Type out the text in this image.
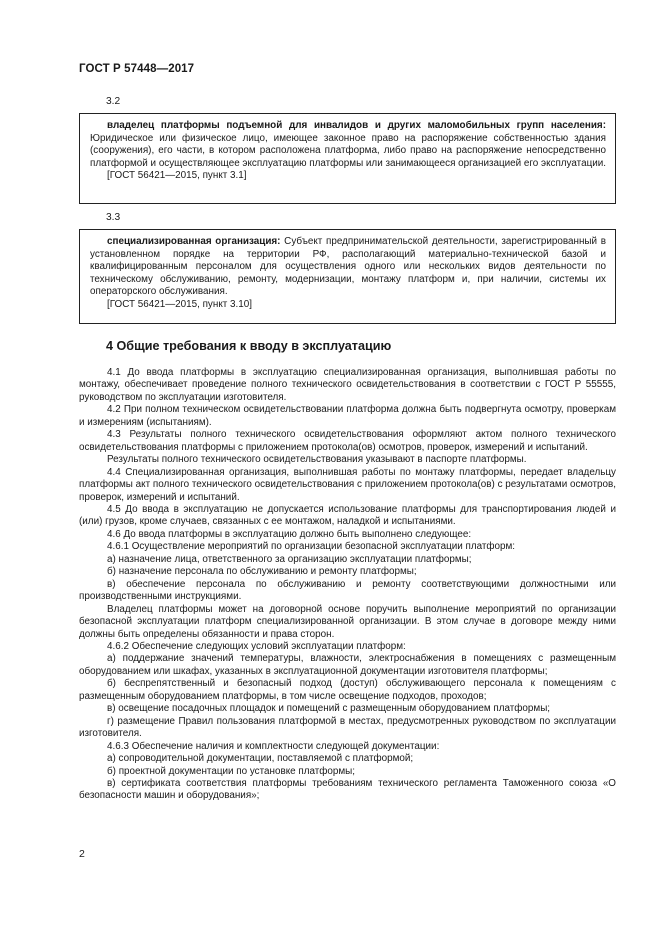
ГОСТ Р 57448—2017
3.2

владелец платформы подъемной для инвалидов и других маломобильных групп населения: Юридическое или физическое лицо, имеющее законное право на распоряжение собственностью здания (сооружения), его части, в котором расположена платформа, либо право на распоряжение непосредственно платформой и осуществляющее эксплуатацию платформы или занимающееся организацией его эксплуатации.

[ГОСТ 56421—2015, пункт 3.1]

3.3

специализированная организация: Субъект предпринимательской деятельности, зарегистрированный в установленном порядке на территории РФ, располагающий материально-технической базой и квалифицированным персоналом для осуществления одного или нескольких видов деятельности по техническому обслуживанию, ремонту, модернизации, монтажу платформ и, при наличии, системы их операторского обслуживания.

[ГОСТ 56421—2015, пункт 3.10]

4 Общие требования к вводу в эксплуатацию

4.1 До ввода платформы в эксплуатацию специализированная организация, выполнившая работы по монтажу, обеспечивает проведение полного технического освидетельствования в соответствии с ГОСТ Р 55555, руководством по эксплуатации изготовителя.

4.2 При полном техническом освидетельствовании платформа должна быть подвергнута осмотру, проверкам и измерениям (испытаниям).

4.3 Результаты полного технического освидетельствования оформляют актом полного технического освидетельствования платформы с приложением протокола(ов) осмотров, проверок, измерений и испытаний.

Результаты полного технического освидетельствования указывают в паспорте платформы.

4.4 Специализированная организация, выполнившая работы по монтажу платформы, передает владельцу платформы акт полного технического освидетельствования с приложением протокола(ов) с результатами осмотров, проверок, измерений и испытаний.

4.5 До ввода в эксплуатацию не допускается использование платформы для транспортирования людей и (или) грузов, кроме случаев, связанных с ее монтажом, наладкой и испытаниями.

4.6 До ввода платформы в эксплуатацию должно быть выполнено следующее:

4.6.1 Осуществление мероприятий по организации безопасной эксплуатации платформ:

а) назначение лица, ответственного за организацию эксплуатации платформы;

б) назначение персонала по обслуживанию и ремонту платформы;

в) обеспечение персонала по обслуживанию и ремонту соответствующими должностными или производственными инструкциями.

Владелец платформы может на договорной основе поручить выполнение мероприятий по организации безопасной эксплуатации платформ специализированной организации. В этом случае в договоре между ними должны быть определены обязанности и права сторон.

4.6.2 Обеспечение следующих условий эксплуатации платформ:

а) поддержание значений температуры, влажности, электроснабжения в помещениях с размещенным оборудованием или шкафах, указанных в эксплуатационной документации изготовителя платформы;

б) беспрепятственный и безопасный подход (доступ) обслуживающего персонала к помещениям с размещенным оборудованием платформы, в том числе освещение подходов, проходов;

в) освещение посадочных площадок и помещений с размещенным оборудованием платформы;

г) размещение Правил пользования платформой в местах, предусмотренных руководством по эксплуатации изготовителя.

4.6.3 Обеспечение наличия и комплектности следующей документации:

а) сопроводительной документации, поставляемой с платформой;

б) проектной документации по установке платформы;

в) сертификата соответствия платформы требованиям технического регламента Таможенного союза «О безопасности машин и оборудования»;

2
